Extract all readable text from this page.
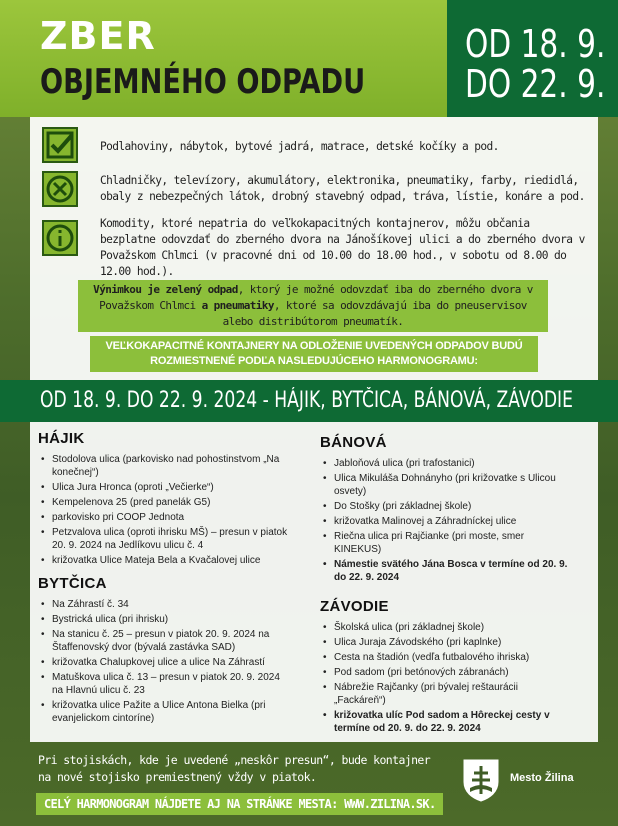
ZBER
OBJEMNÉHO ODPADU
OD 18. 9.
DO 22. 9.
Podlahoviny, nábytok, bytové jadrá, matrace, detské kočíky a pod.
Chladničky, televízory, akumulátory, elektronika, pneumatiky, farby, riedidlá, obaly z nebezpečných látok, drobný stavebný odpad, tráva, lístie, konáre a pod.
Komodity, ktoré nepatria do veľkokapacitných kontajnerov, môžu občania bezplatne odovzdať do zberného dvora na Jánošíkovej ulici a do zberného dvora v Považskom Chlmci (v pracovné dni od 10.00 do 18.00 hod., v sobotu od 8.00 do 12.00 hod.).
Výnimkou je zelený odpad, ktorý je možné odovzdať iba do zberného dvora v Považskom Chlmci a pneumatiky, ktoré sa odovzdávajú iba do pneuservisov alebo distribútorom pneumatík.
VEĽKOKAPACITNÉ KONTAJNERY NA ODLOŽENIE UVEDENÝCH ODPADOV BUDÚ ROZMIESTNENÉ PODĽA NASLEDUJÚCEHO HARMONOGRAMU:
OD 18. 9. DO 22. 9. 2024 - HÁJIK, BYTČICA, BÁNOVÁ, ZÁVODIE
HÁJIK
• Stodolova ulica (parkovisko nad pohostinstvom „Na konečnej“)
• Ulica Jura Hronca (oproti „Večierke“)
• Kempelenova 25 (pred panelák G5)
• parkovisko pri COOP Jednota
• Petzvalova ulica (oproti ihrisku MŠ) – presun v piatok 20. 9. 2024 na Jedlíkovu ulicu č. 4
• križovatka Ulice Mateja Bela a Kvačalovej ulice
BYTČICA
• Na Záhrastí č. 34
• Bystrická ulica (pri ihrisku)
• Na stanicu č. 25 – presun v piatok 20. 9. 2024 na Štaffenovský dvor (bývalá zastávka SAD)
• križovatka Chalupkovej ulice a ulice Na Záhrastí
• Matuškova ulica č. 13 – presun v piatok 20. 9. 2024 na Hlavnú ulicu č. 23
• križovatka ulice Pažite a Ulice Antona Bielka (pri evanjelickom cintoríne)
BÁNOVÁ
• Jabloňová ulica (pri trafostanici)
• Ulica Mikuláša Dohnányho (pri križovatke s Ulicou osvety)
• Do Stošky (pri základnej škole)
• križovatka Malinovej a Záhradníckej ulice
• Riečna ulica pri Rajčianke (pri moste, smer KINEKUS)
• Námestie svätého Jána Bosca v termíne od 20. 9. do 22. 9. 2024
ZÁVODIE
• Školská ulica (pri základnej škole)
• Ulica Juraja Závodského (pri kaplnke)
• Cesta na štadión (vedľa futbalového ihriska)
• Pod sadom (pri betónových zábranách)
• Nábrežie Rajčanky (pri bývalej reštaurácii „Fackáreň“)
• križovatka ulíc Pod sadom a Hôreckej cesty v termíne od 20. 9. do 22. 9. 2024
Pri stojiskách, kde je uvedené „neskôr presun“, bude kontajner na nové stojisko premiestnený vždy v piatok.
CELÝ HARMONOGRAM NÁJDETE AJ NA STRÁNKE MESTA: WWW.ZILINA.SK.
Mesto Žilina
